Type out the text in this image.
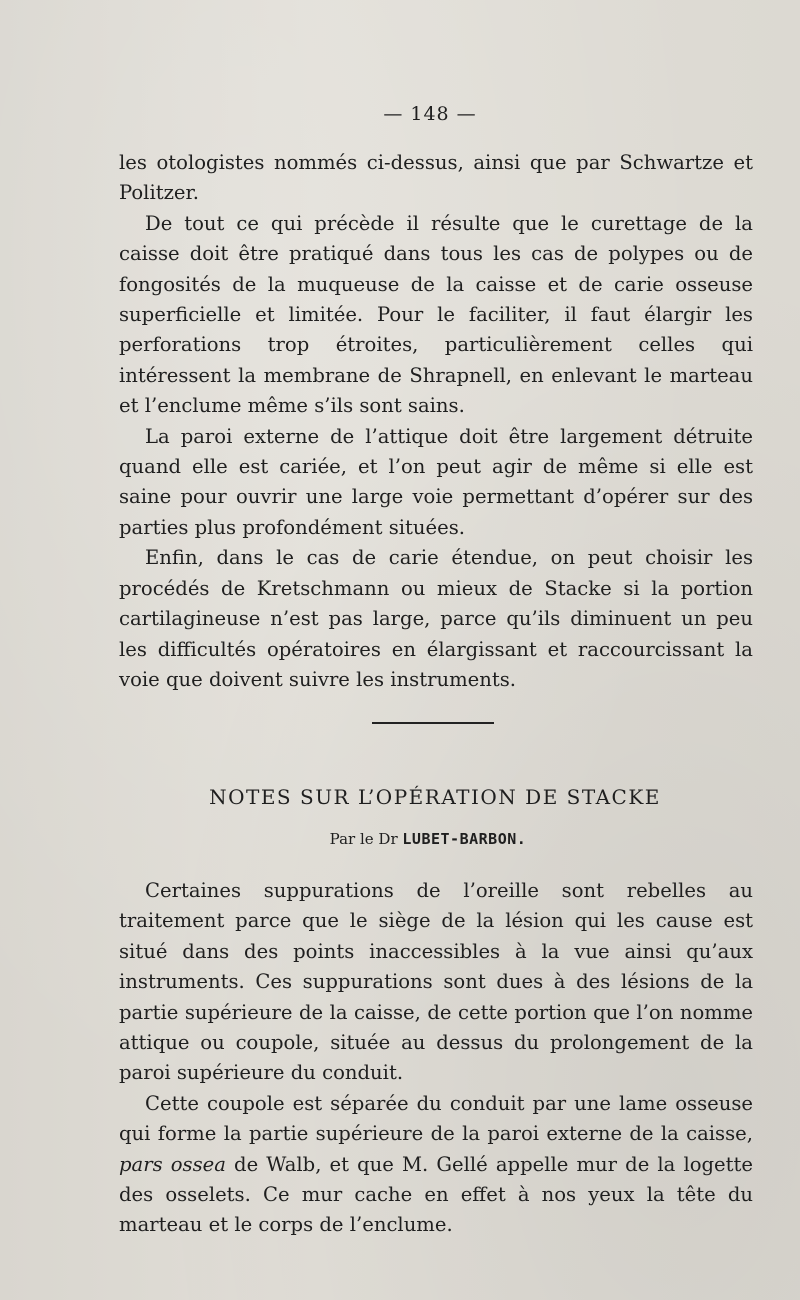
— 148 —

les otologistes nommés ci-dessus, ainsi que par Schwartze et Politzer.

De tout ce qui précède il résulte que le curettage de la caisse doit être pratiqué dans tous les cas de polypes ou de fongosités de la muqueuse de la caisse et de carie osseuse superficielle et limitée. Pour le faciliter, il faut élargir les perforations trop étroites, particulièrement celles qui intéressent la membrane de Shrapnell, en enlevant le marteau et l’enclume même s’ils sont sains.

La paroi externe de l’attique doit être largement détruite quand elle est cariée, et l’on peut agir de même si elle est saine pour ouvrir une large voie permettant d’opérer sur des parties plus profondément situées.

Enfin, dans le cas de carie étendue, on peut choisir les procédés de Kretschmann ou mieux de Stacke si la portion cartilagineuse n’est pas large, parce qu’ils diminuent un peu les difficultés opératoires en élargissant et raccourcissant la voie que doivent suivre les instruments.

NOTES SUR L’OPÉRATION DE STACKE
Par le Dr LUBET-BARBON.

Certaines suppurations de l’oreille sont rebelles au traitement parce que le siège de la lésion qui les cause est situé dans des points inaccessibles à la vue ainsi qu’aux instruments. Ces suppurations sont dues à des lésions de la partie supérieure de la caisse, de cette portion que l’on nomme attique ou coupole, située au dessus du prolongement de la paroi supérieure du conduit.

Cette coupole est séparée du conduit par une lame osseuse qui forme la partie supérieure de la paroi externe de la caisse, pars ossea de Walb, et que M. Gellé appelle mur de la logette des osselets. Ce mur cache en effet à nos yeux la tête du marteau et le corps de l’enclume.
